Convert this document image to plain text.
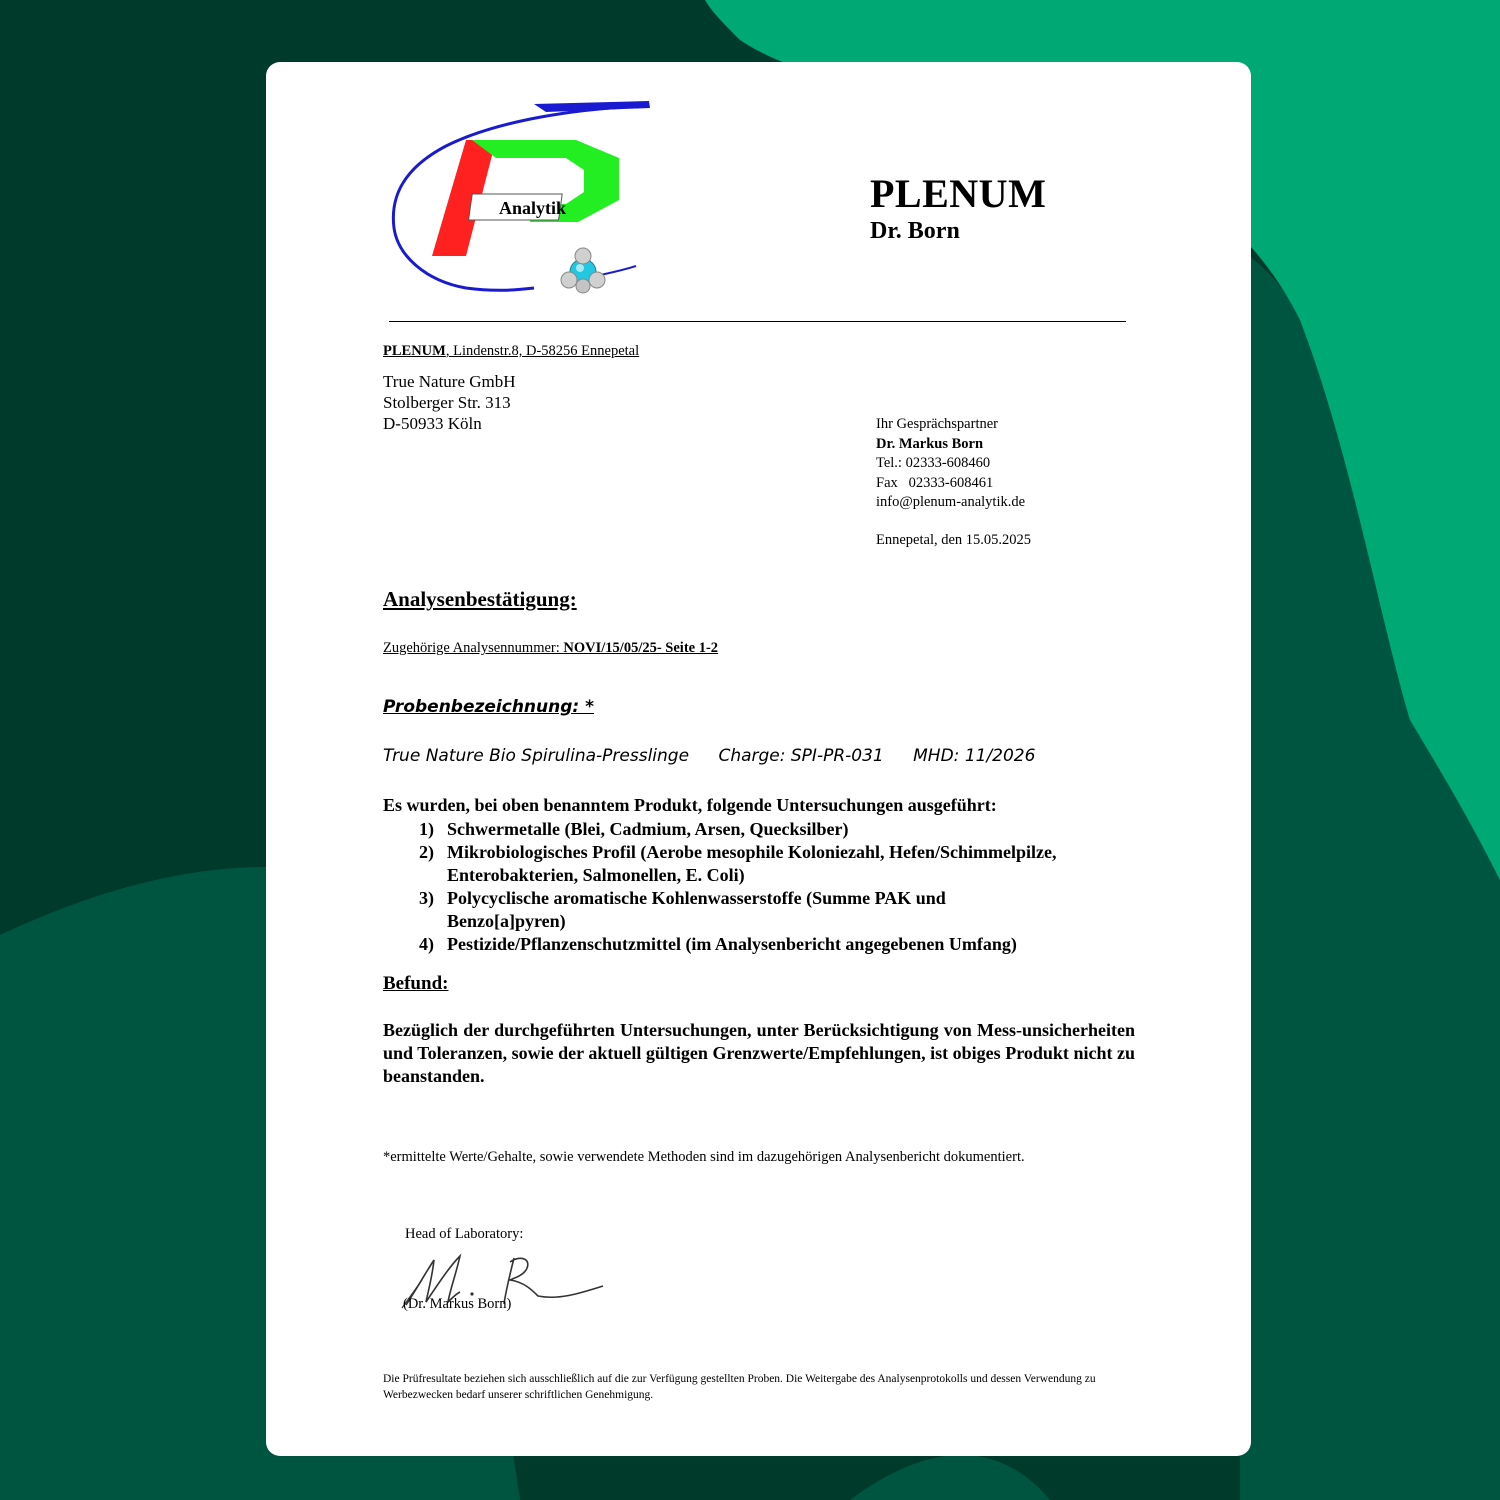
Analytik	PLENUM
Dr. Born
PLENUM, Lindenstr.8, D-58256 Ennepetal
True Nature GmbH
Stolberger Str. 313
D-50933 Köln	Ihr Gesprächspartner
Dr. Markus Born
Tel.: 02333-608460
Fax   02333-608461
info@plenum-analytik.de
Ennepetal, den 15.05.2025
Analysenbestätigung:
Zugehörige Analysennummer: NOVI/15/05/25- Seite 1-2
Probenbezeichnung: *
True Nature Bio Spirulina-Presslinge Charge: SPI-PR-031 MHD: 11/2026
Es wurden, bei oben benanntem Produkt, folgende Untersuchungen ausgeführt:
1) Schwermetalle (Blei, Cadmium, Arsen, Quecksilber)
2) Mikrobiologisches Profil (Aerobe mesophile Koloniezahl, Hefen/Schimmelpilze, Enterobakterien, Salmonellen, E. Coli)
3) Polycyclische aromatische Kohlenwasserstoffe (Summe PAK und Benzo[a]pyren)
4) Pestizide/Pflanzenschutzmittel (im Analysenbericht angegebenen Umfang)
Befund:
Bezüglich der durchgeführten Untersuchungen, unter Berücksichtigung von Mess-unsicherheiten und Toleranzen, sowie der aktuell gültigen Grenzwerte/Empfehlungen, ist obiges Produkt nicht zu beanstanden.
*ermittelte Werte/Gehalte, sowie verwendete Methoden sind im dazugehörigen Analysenbericht dokumentiert.
Head of Laboratory:
(Dr. Markus Born)
Die Prüfresultate beziehen sich ausschließlich auf die zur Verfügung gestellten Proben. Die Weitergabe des Analysenprotokolls und dessen Verwendung zu Werbezwecken bedarf unserer schriftlichen Genehmigung.
